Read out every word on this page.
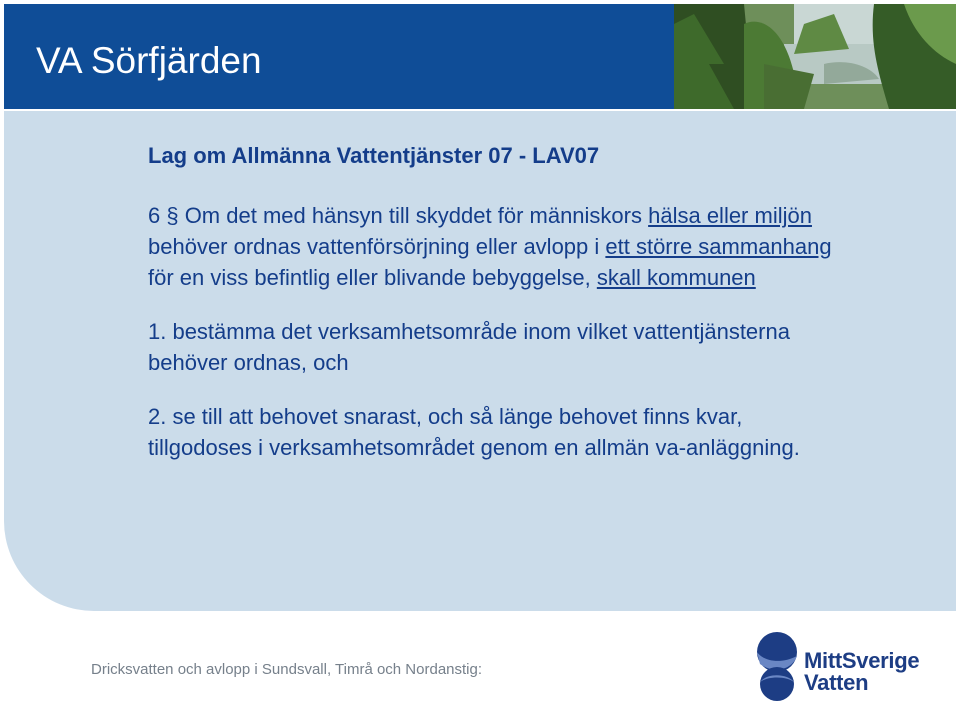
VA Sörfjärden
Lag om Allmänna Vattentjänster 07 - LAV07
6 § Om det med hänsyn till skyddet för människors hälsa eller miljön behöver ordnas vattenförsörjning eller avlopp i ett större sammanhang för en viss befintlig eller blivande bebyggelse, skall kommunen
1. bestämma det verksamhetsområde inom vilket vattentjänsterna behöver ordnas, och
2. se till att behovet snarast, och så länge behovet finns kvar, tillgodoses i verksamhetsområdet genom en allmän va-anläggning.
Dricksvatten och avlopp i Sundsvall, Timrå och Nordanstig:	MittSverige
Vatten
